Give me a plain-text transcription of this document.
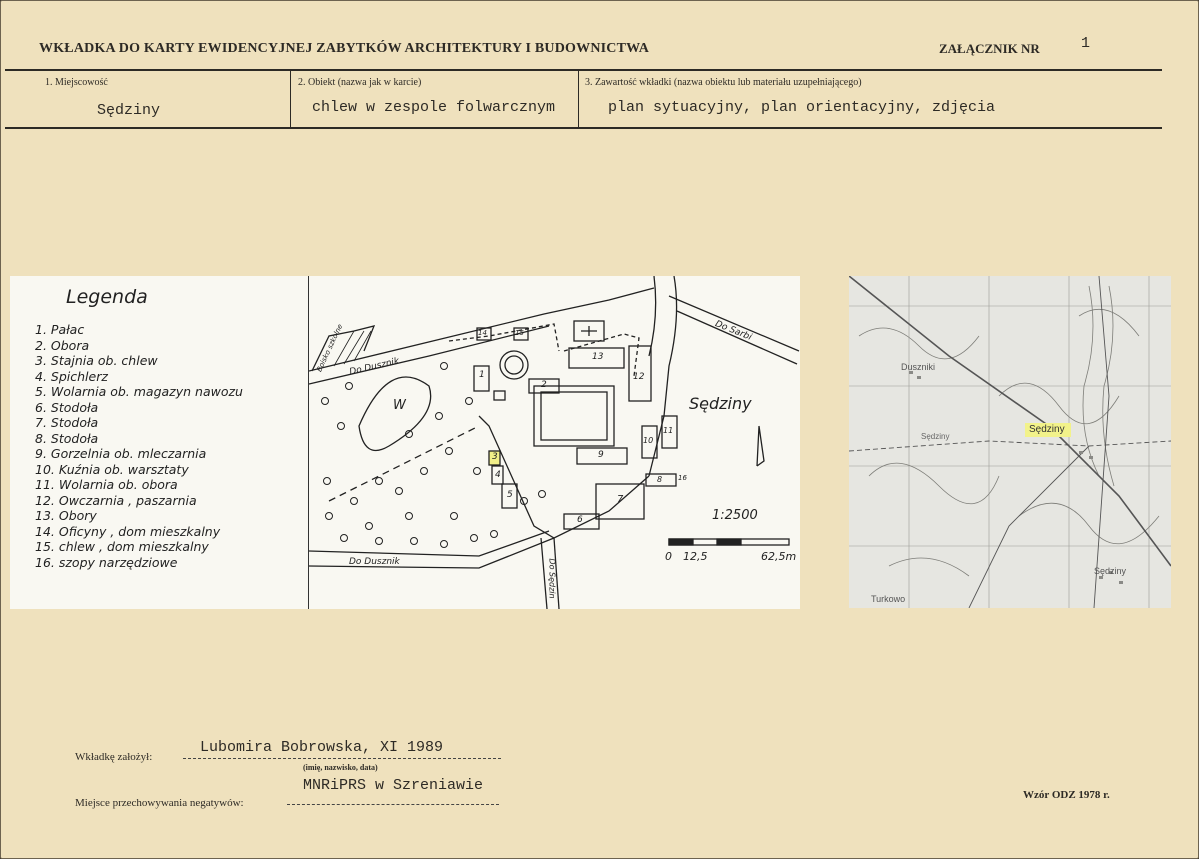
WKŁADKA DO KARTY EWIDENCYJNEJ ZABYTKÓW ARCHITEKTURY I BUDOWNICTWA	ZAŁĄCZNIK NR	1
1. Miejscowość
Sędziny
2. Obiekt (nazwa jak w karcie)
chlew w zespole folwarcznym
3. Zawartość wkładki (nazwa obiektu lub materiału uzupełniającego)
plan sytuacyjny, plan orientacyjny, zdjęcia
Legenda
1. Pałac
2. Obora
3. Stajnia ob. chlew
4. Spichlerz
5. Wolarnia ob. magazyn nawozu
6. Stodoła
7. Stodoła
8. Stodoła
9. Gorzelnia ob. mleczarnia
10. Kuźnia ob. warsztaty
11. Wolarnia ob. obora
12. Owczarnia , paszarnia
13. Obory
14. Oficyny , dom mieszkalny
15. chlew , dom mieszkalny
16. szopy narzędziowe
Sędziny
Do Dusznik
Do Sarbi
Do Dusznik	Do Sędzin
Boisko szkolne
W
1:2500
0 12,5	62,5m
1
2
3
4
5
6
7
8
9
10
11
12
13
14	15
16
Duszniki
Sędziny
Sędziny
Sędziny
Turkowo
Wkładkę założył:
Lubomira Bobrowska, XI 1989
(imię, nazwisko, data)
MNRiPRS w Szreniawie
Miejsce przechowywania negatywów:
Wzór ODZ 1978 r.
